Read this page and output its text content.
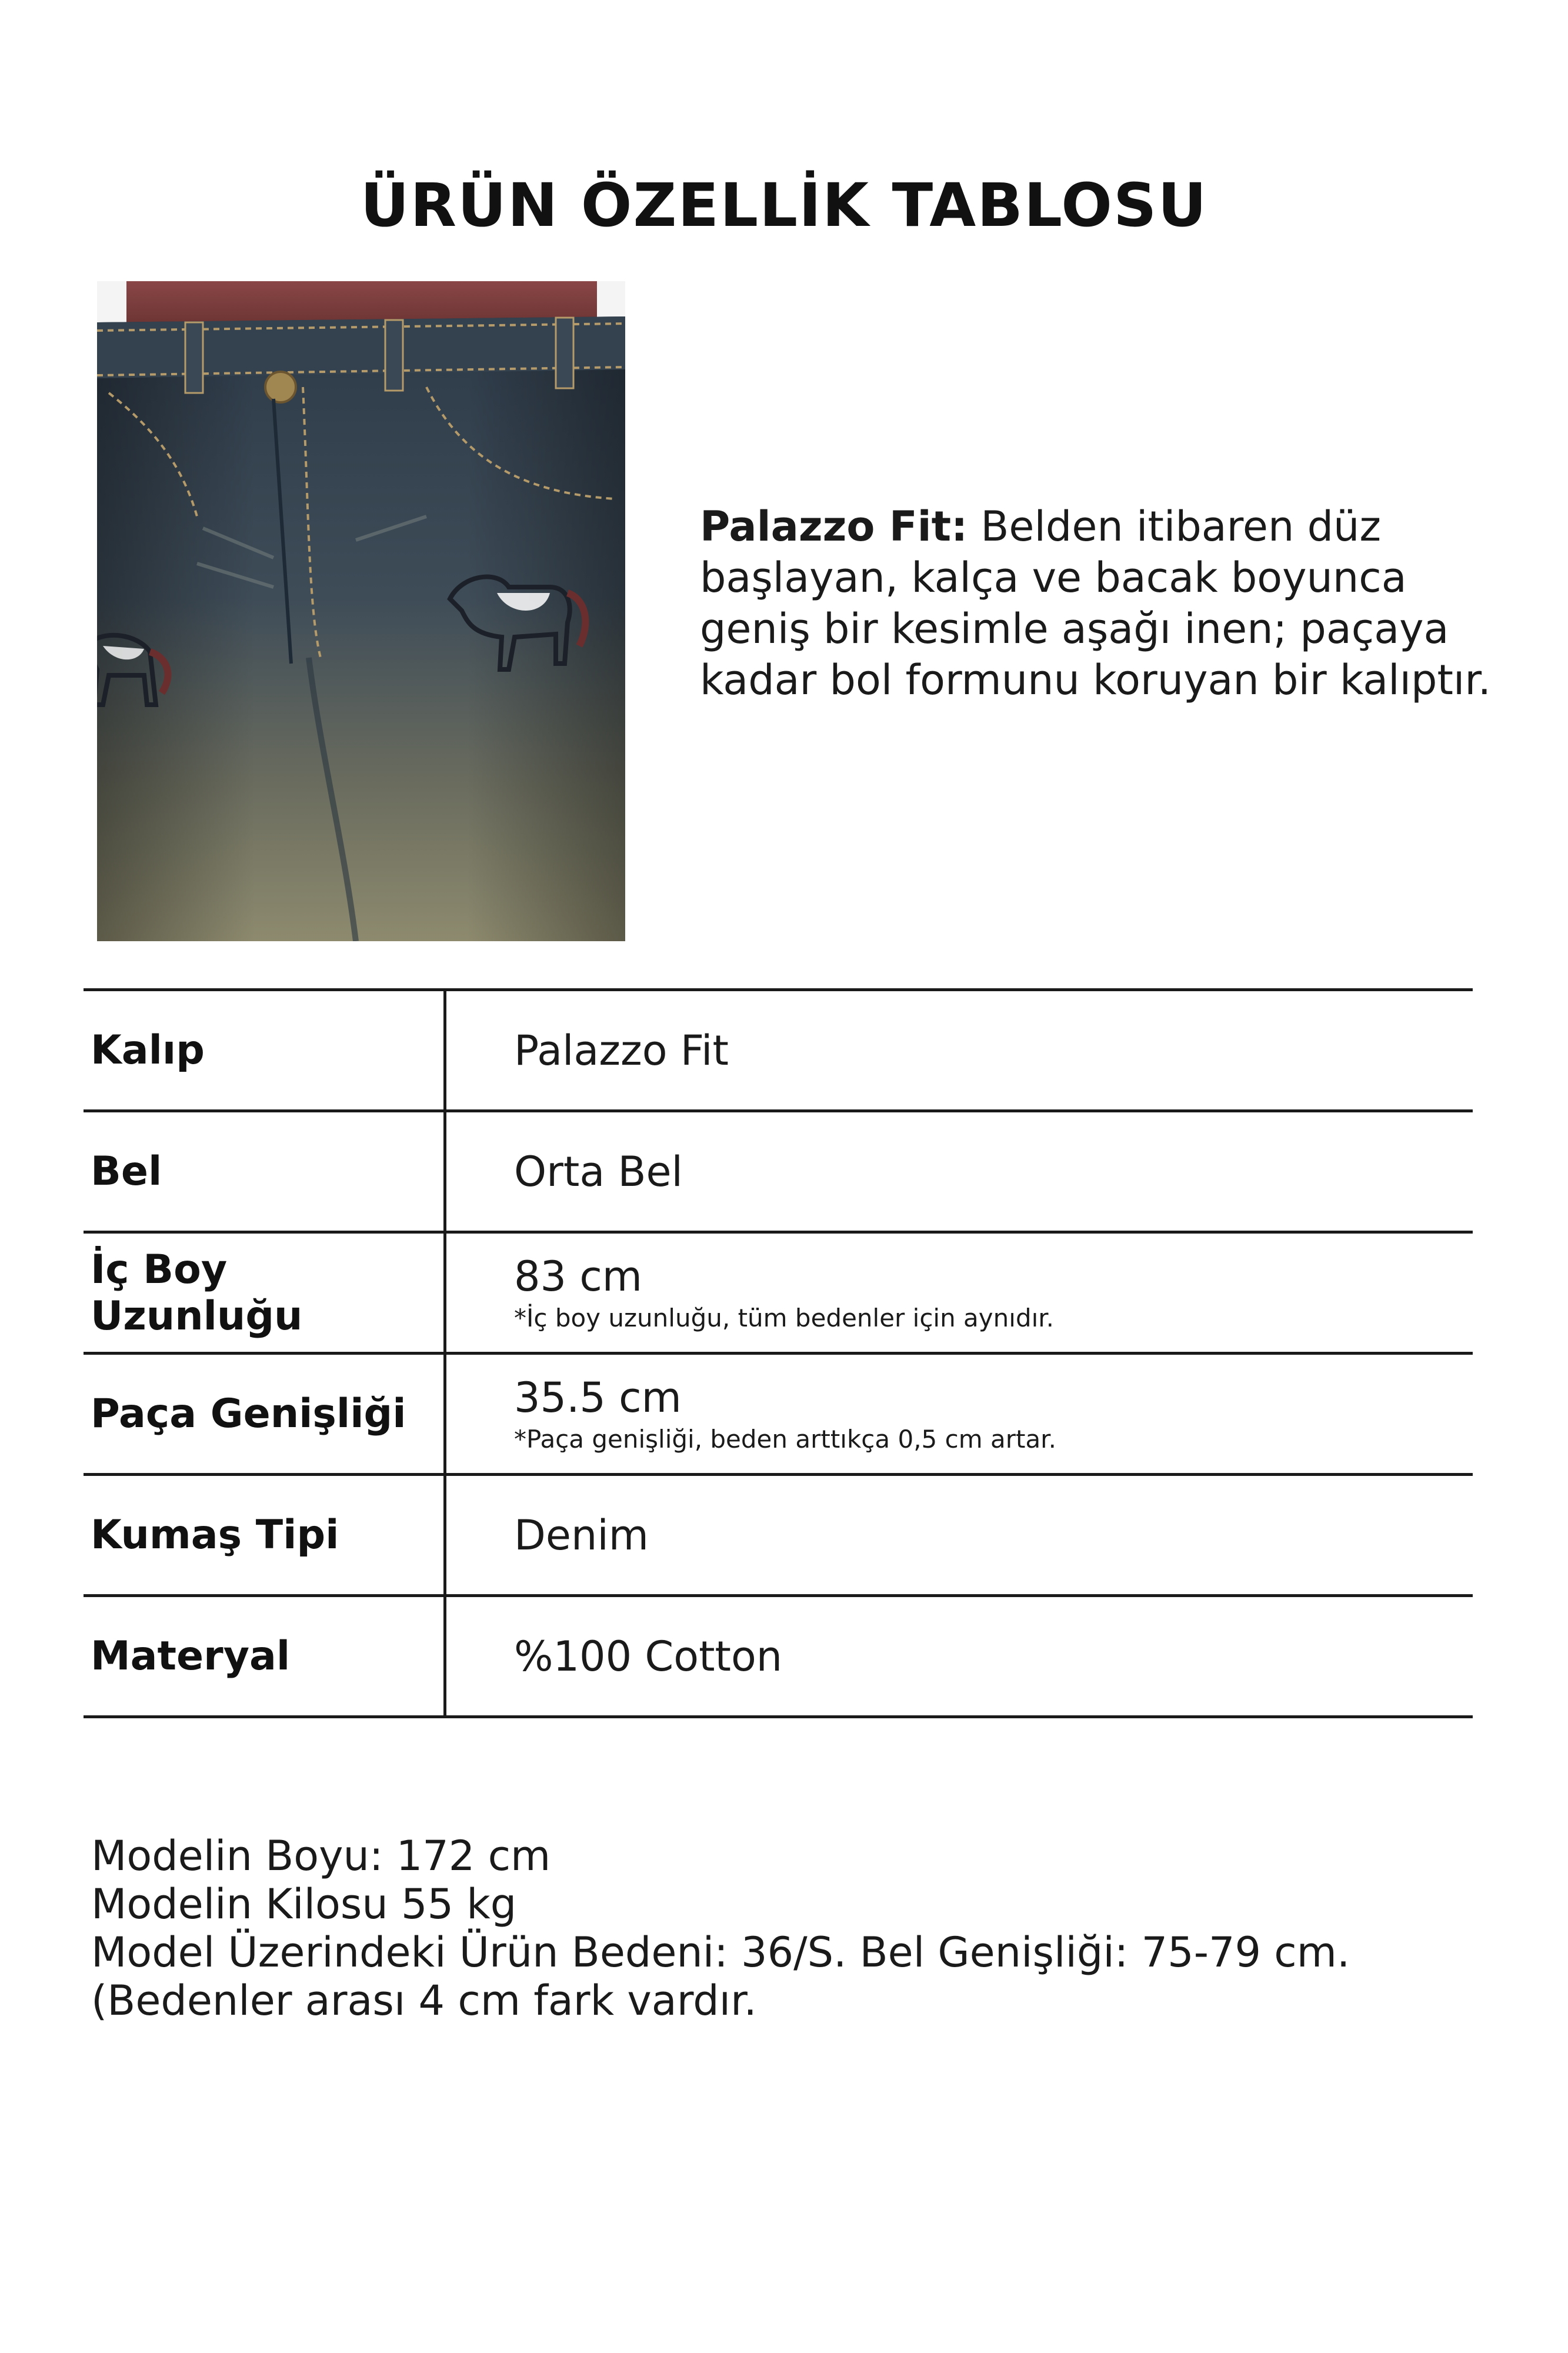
ÜRÜN ÖZELLİK TABLOSU
Palazzo Fit: Belden itibaren düz başlayan, kalça ve bacak boyunca geniş bir kesimle aşağı inen; paçaya kadar bol formunu koruyan bir kalıptır.
Kalıp	Palazzo Fit
Bel	Orta Bel
İç Boy Uzunluğu	83 cm
*İç boy uzunluğu, tüm bedenler için aynıdır.

Paça Genişliği	35.5 cm
*Paça genişliği, beden arttıkça 0,5 cm artar.

Kumaş Tipi	Denim
Materyal	%100 Cotton
Modelin Boyu: 172 cm
Modelin Kilosu 55 kg
Model Üzerindeki Ürün Bedeni: 36/S. Bel Genişliği: 75-79 cm. (Bedenler arası 4 cm fark vardır.
